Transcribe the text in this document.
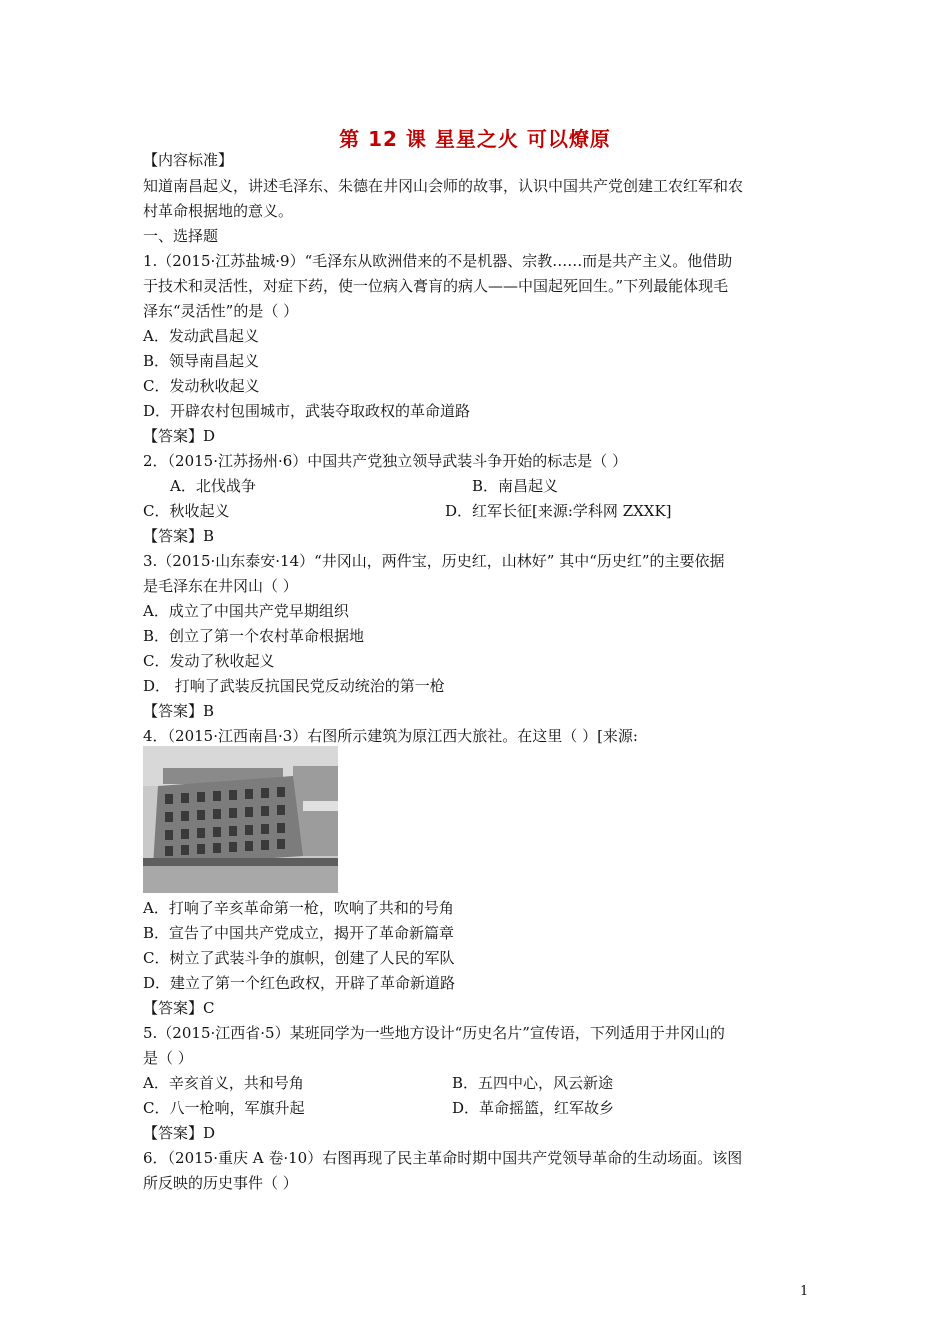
第 12 课 星星之火 可以燎原
【内容标准】
知道南昌起义，讲述毛泽东、朱德在井冈山会师的故事，认识中国共产党创建工农红军和农
村革命根据地的意义。
一、选择题
1.（2015·江苏盐城·9）“毛泽东从欧洲借来的不是机器、宗教……而是共产主义。他借助
于技术和灵活性，对症下药，使一位病入膏肓的病人——中国起死回生。”下列最能体现毛
泽东“灵活性”的是（ ）
A．发动武昌起义
B．领导南昌起义
C．发动秋收起义
D．开辟农村包围城市，武装夺取政权的革命道路
【答案】D
2．（2015·江苏扬州·6）中国共产党独立领导武装斗争开始的标志是（ ）
A．北伐战争	B．南昌起义
C．秋收起义	D．红军长征[来源:学科网 ZXXK]
【答案】B
3.（2015·山东泰安·14）“井冈山，两件宝，历史红，山林好” 其中“历史红”的主要依据
是毛泽东在井冈山（ ）
A．成立了中国共产党早期组织
B．创立了第一个农村革命根据地
C．发动了秋收起义
D． 打响了武装反抗国民党反动统治的第一枪
【答案】B
4．（2015·江西南昌·3）右图所示建筑为原江西大旅社。在这里（ ）[来源:
A．打响了辛亥革命第一枪，吹响了共和的号角
B．宣告了中国共产党成立，揭开了革命新篇章
C．树立了武装斗争的旗帜，创建了人民的军队
D．建立了第一个红色政权，开辟了革命新道路
【答案】C
5.（2015·江西省·5）某班同学为一些地方设计“历史名片”宣传语，下列适用于井冈山的
是（ ）
A．辛亥首义，共和号角	B．五四中心，风云新途
C．八一枪响，军旗升起	D．革命摇篮，红军故乡
【答案】D
6．（2015·重庆 A 卷·10）右图再现了民主革命时期中国共产党领导革命的生动场面。该图
所反映的历史事件（ ）
1
